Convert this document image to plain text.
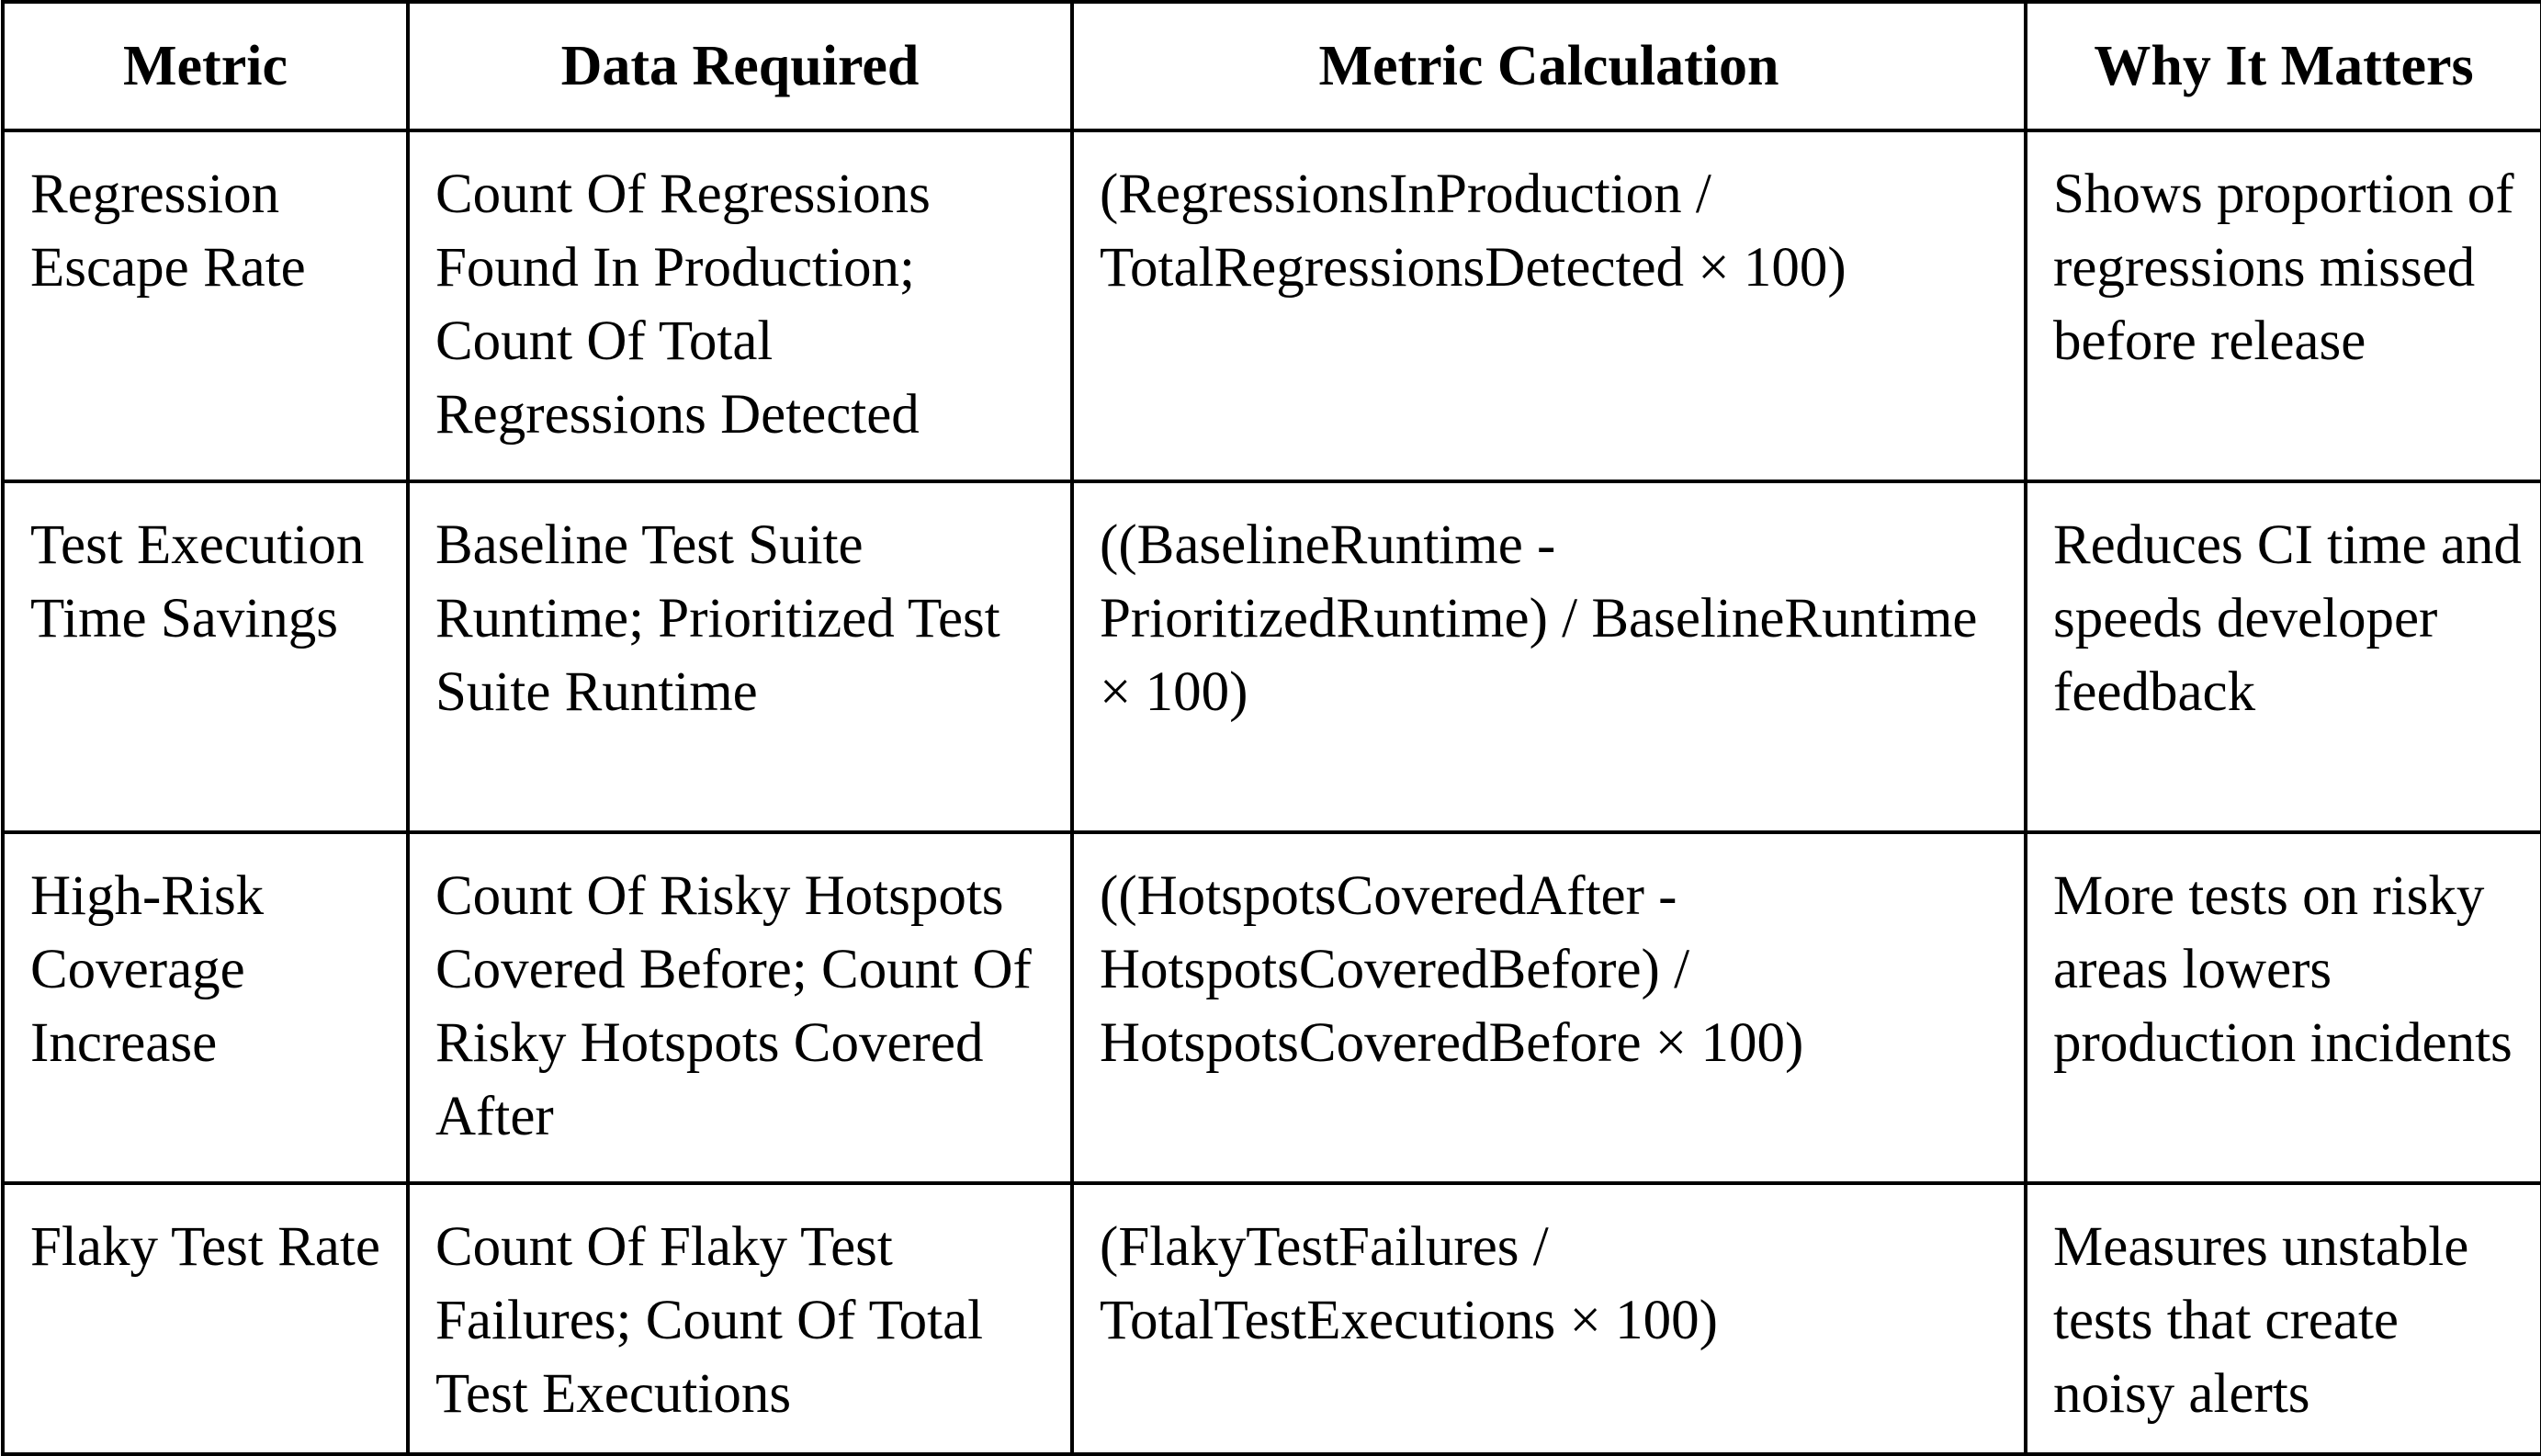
Metric	Data Required	Metric Calculation	Why It Matters
Regression Escape Rate	Count Of Regressions Found In Production; Count Of Total Regressions Detected	(RegressionsInProduction / TotalRegressionsDetected × 100)	Shows proportion of regressions missed before release
Test Execution Time Savings	Baseline Test Suite Runtime; Prioritized Test Suite Runtime	((BaselineRuntime - PrioritizedRuntime) / BaselineRuntime × 100)	Reduces CI time and speeds developer feedback
High-Risk Coverage Increase	Count Of Risky Hotspots Covered Before; Count Of Risky Hotspots Covered After	((HotspotsCoveredAfter - HotspotsCoveredBefore) / HotspotsCoveredBefore × 100)	More tests on risky areas lowers production incidents
Flaky Test Rate	Count Of Flaky Test Failures; Count Of Total Test Executions	(FlakyTestFailures / TotalTestExecutions × 100)	Measures unstable tests that create noisy alerts
